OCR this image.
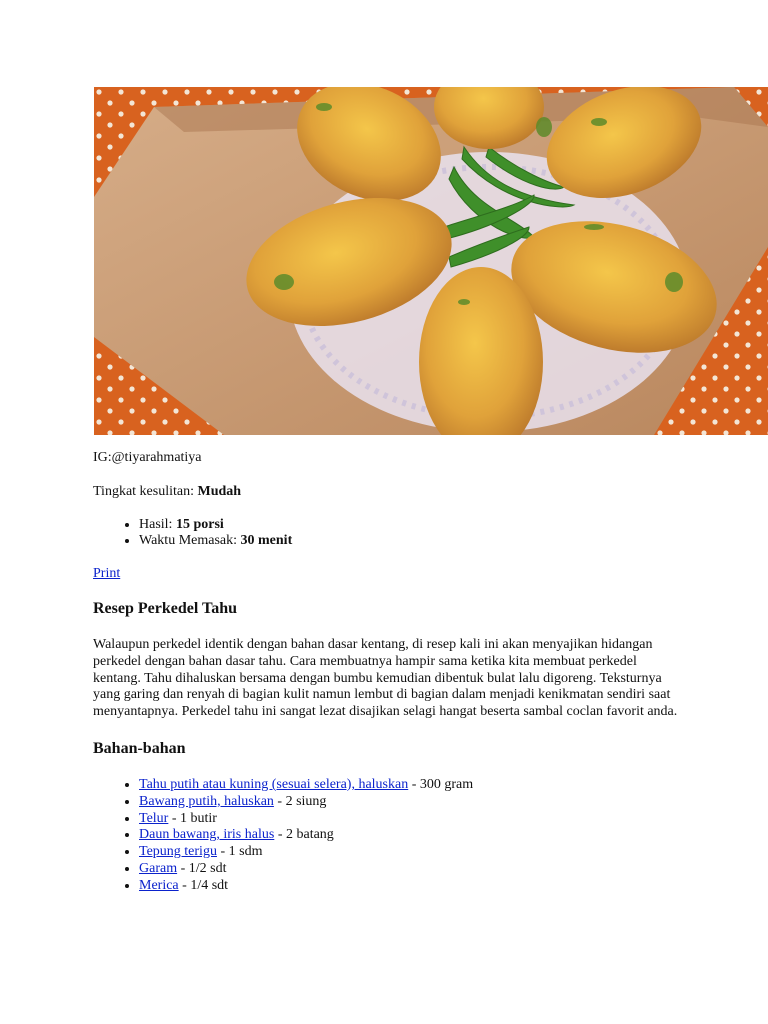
IG:@tiyarahmatiya

Tingkat kesulitan: Mudah

• Hasil: 15 porsi
• Waktu Memasak: 30 menit

Print

Resep Perkedel Tahu

Walaupun perkedel identik dengan bahan dasar kentang, di resep kali ini akan menyajikan hidangan perkedel dengan bahan dasar tahu. Cara membuatnya hampir sama ketika kita membuat perkedel kentang. Tahu dihaluskan bersama dengan bumbu kemudian dibentuk bulat lalu digoreng. Teksturnya yang garing dan renyah di bagian kulit namun lembut di bagian dalam menjadi kenikmatan sendiri saat menyantapnya. Perkedel tahu ini sangat lezat disajikan selagi hangat beserta sambal coclan favorit anda.

Bahan-bahan
• Tahu putih atau kuning (sesuai selera), haluskan - 300 gram
• Bawang putih, haluskan - 2 siung
• Telur - 1 butir
• Daun bawang, iris halus - 2 batang
• Tepung terigu - 1 sdm
• Garam - 1/2 sdt
• Merica - 1/4 sdt
